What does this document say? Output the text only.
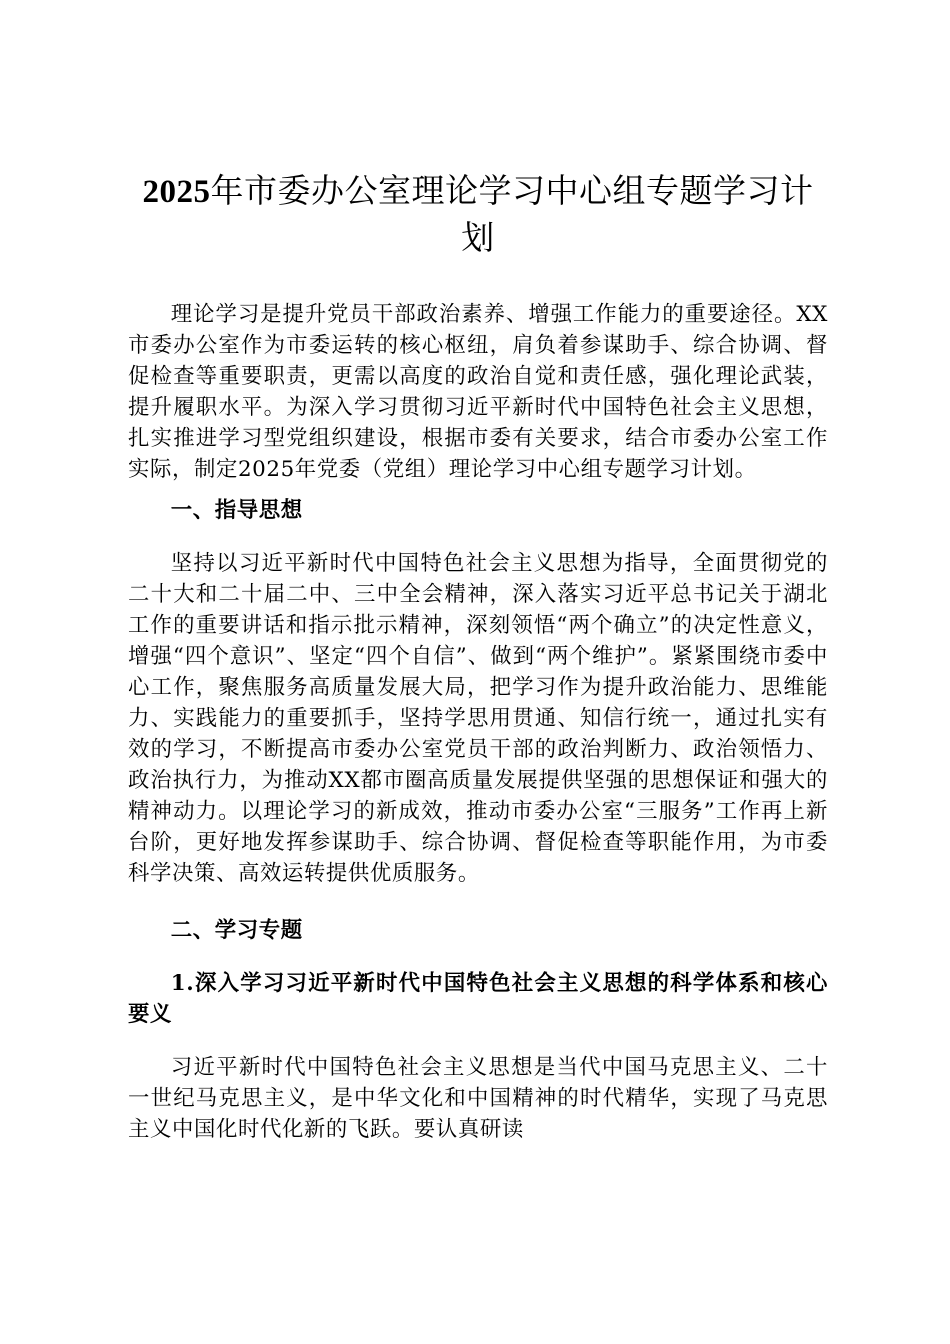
2025年市委办公室理论学习中心组专题学习计划

理论学习是提升党员干部政治素养、增强工作能力的重要途径。XX市委办公室作为市委运转的核心枢纽，肩负着参谋助手、综合协调、督促检查等重要职责，更需以高度的政治自觉和责任感，强化理论武装，提升履职水平。为深入学习贯彻习近平新时代中国特色社会主义思想，扎实推进学习型党组织建设，根据市委有关要求，结合市委办公室工作实际，制定2025年党委（党组）理论学习中心组专题学习计划。

一、指导思想

坚持以习近平新时代中国特色社会主义思想为指导，全面贯彻党的二十大和二十届二中、三中全会精神，深入落实习近平总书记关于湖北工作的重要讲话和指示批示精神，深刻领悟“两个确立”的决定性意义，增强“四个意识”、坚定“四个自信”、做到“两个维护”。紧紧围绕市委中心工作，聚焦服务高质量发展大局，把学习作为提升政治能力、思维能力、实践能力的重要抓手，坚持学思用贯通、知信行统一，通过扎实有效的学习，不断提高市委办公室党员干部的政治判断力、政治领悟力、政治执行力，为推动XX都市圈高质量发展提供坚强的思想保证和强大的精神动力。以理论学习的新成效，推动市委办公室“三服务”工作再上新台阶，更好地发挥参谋助手、综合协调、督促检查等职能作用，为市委科学决策、高效运转提供优质服务。

二、学习专题

1.深入学习习近平新时代中国特色社会主义思想的科学体系和核心要义

习近平新时代中国特色社会主义思想是当代中国马克思主义、二十一世纪马克思主义，是中华文化和中国精神的时代精华，实现了马克思主义中国化时代化新的飞跃。要认真研读
